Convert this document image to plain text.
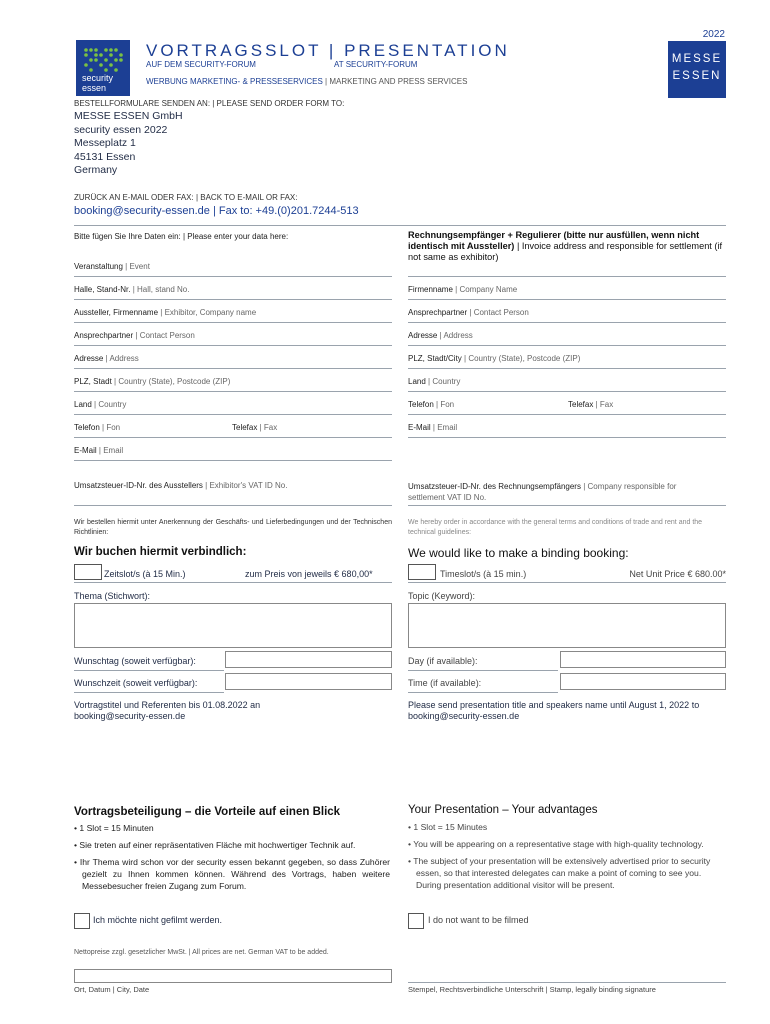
2022
security
essen
VORTRAGSSLOT | PRESENTATION
AUF DEM SECURITY-FORUM	AT SECURITY-FORUM
WERBUNG MARKETING- & PRESSESERVICES | MARKETING AND PRESS SERVICES
MESSE
ESSEN
BESTELLFORMULARE SENDEN AN: | PLEASE SEND ORDER FORM TO:
MESSE ESSEN GmbH
security essen 2022
Messeplatz 1
45131 Essen
Germany
ZURÜCK AN E-MAIL ODER FAX: | BACK TO E-MAIL OR FAX:
booking@security-essen.de | Fax to: +49.(0)201.7244-513
Bitte fügen Sie Ihre Daten ein: | Please enter your data here:
Veranstaltung | Event
Halle, Stand-Nr. | Hall, stand No.
Aussteller, Firmenname | Exhibitor, Company name
Ansprechpartner | Contact Person
Adresse | Address
PLZ, Stadt | Country (State), Postcode (ZIP)
Land | Country
Telefon | Fon	Telefax | Fax
E-Mail | Email
Umsatzsteuer-ID-Nr. des Ausstellers | Exhibitor's VAT ID No.
Rechnungsempfänger + Regulierer (bitte nur ausfüllen, wenn nicht identisch mit Aussteller) | Invoice address and responsible for settlement (if not same as exhibitor)
Firmenname | Company Name
Ansprechpartner | Contact Person
Adresse | Address
PLZ, Stadt/City | Country (State), Postcode (ZIP)
Land | Country
Telefon | Fon	Telefax | Fax
E-Mail | Email
Umsatzsteuer-ID-Nr. des Rechnungsempfängers | Company responsible for
settlement VAT ID No.
Wir bestellen hiermit unter Anerkennung der Geschäfts- und Lieferbedingungen und der Technischen Richtlinien:
We hereby order in accordance with the general terms and conditions of trade and rent and the technical guidelines:
Wir buchen hiermit verbindlich:
Zeitslot/s (à 15 Min.)	zum Preis von jeweils € 680,00*
Thema (Stichwort):
Wunschtag (soweit verfügbar):
Wunschzeit (soweit verfügbar):
Vortragstitel und Referenten bis 01.08.2022 an
booking@security-essen.de
We would like to make a binding booking:
Timeslot/s (à 15 min.)	Net Unit Price € 680.00*
Topic (Keyword):
Day (if available):
Time (if available):
Please send presentation title and speakers name until August 1, 2022 to
booking@security-essen.de
Vortragsbeteiligung – die Vorteile auf einen Blick
• 1 Slot = 15 Minuten
• Sie treten auf einer repräsentativen Fläche mit hochwertiger Technik auf.
• Ihr Thema wird schon vor der security essen bekannt gegeben, so dass Zuhörer gezielt zu Ihnen kommen können. Während des Vortrags, haben weitere Messebesucher freien Zugang zum Forum.
Ich möchte nicht gefilmt werden.
Your Presentation – Your advantages
• 1 Slot = 15 Minutes
• You will be appearing on a representative stage with high-quality technology.
• The subject of your presentation will be extensively advertised prior to security essen, so that interested delegates can make a point of coming to see you. During presentation additional visitor will be present.
I do not want to be filmed
Nettopreise zzgl. gesetzlicher MwSt. | All prices are net. German VAT to be added.
Ort, Datum | City, Date	Stempel, Rechtsverbindliche Unterschrift | Stamp, legally binding signature
